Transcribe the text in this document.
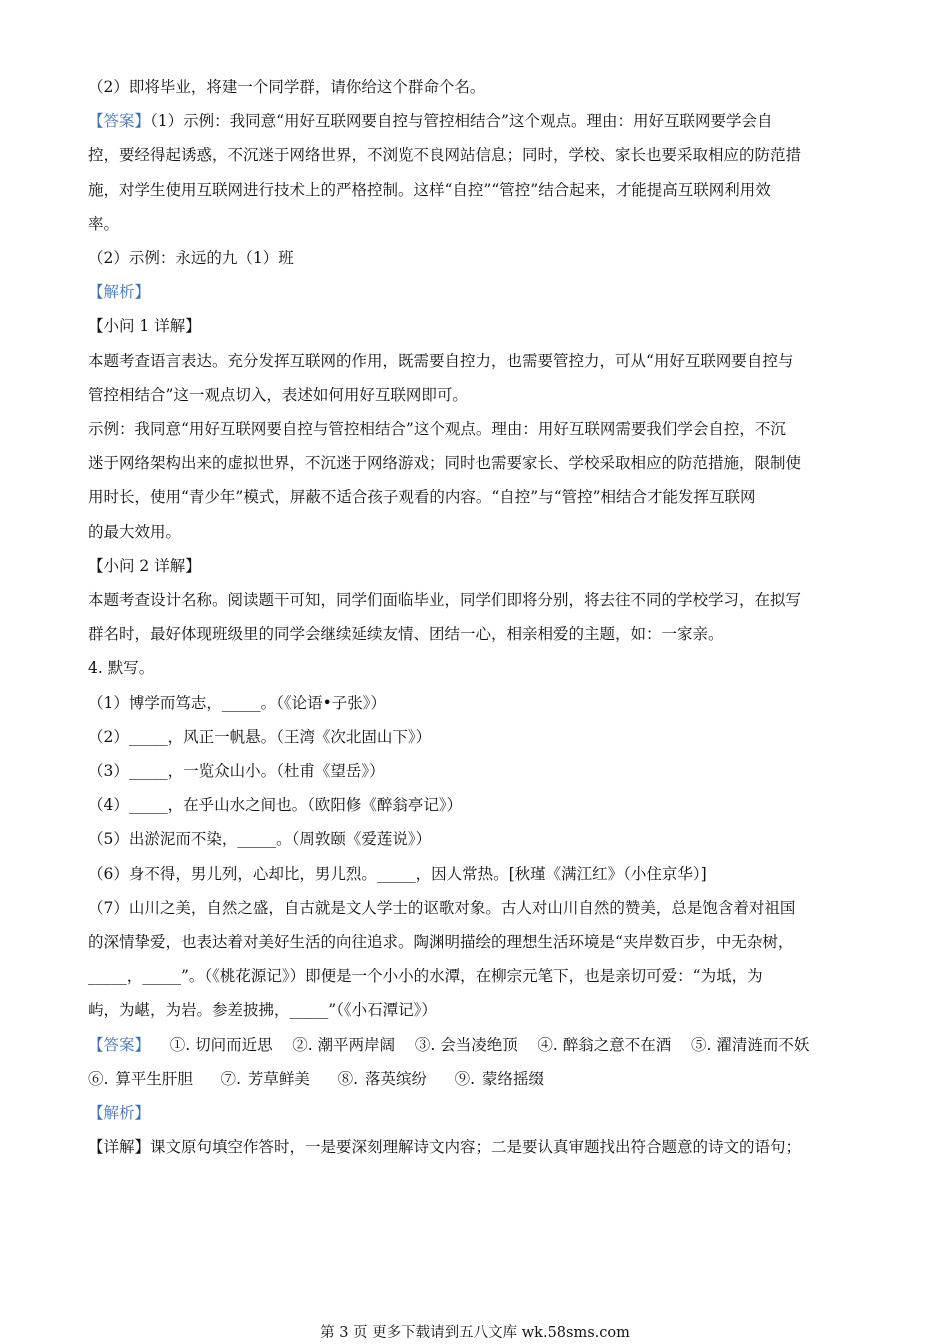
（2）即将毕业，将建一个同学群，请你给这个群命个名。
【答案】（1）示例：我同意“用好互联网要自控与管控相结合”这个观点。理由：用好互联网要学会自
控，要经得起诱惑，不沉迷于网络世界，不浏览不良网站信息；同时，学校、家长也要采取相应的防范措
施，对学生使用互联网进行技术上的严格控制。这样“自控”“管控”结合起来，才能提高互联网利用效
率。
（2）示例：永远的九（1）班
【解析】
【小问 1 详解】
本题考查语言表达。充分发挥互联网的作用，既需要自控力，也需要管控力，可从“用好互联网要自控与
管控相结合”这一观点切入，表述如何用好互联网即可。
示例：我同意“用好互联网要自控与管控相结合”这个观点。理由：用好互联网需要我们学会自控，不沉
迷于网络架构出来的虚拟世界，不沉迷于网络游戏；同时也需要家长、学校采取相应的防范措施，限制使
用时长，使用“青少年”模式，屏蔽不适合孩子观看的内容。“自控”与“管控”相结合才能发挥互联网
的最大效用。
【小问 2 详解】
本题考查设计名称。阅读题干可知，同学们面临毕业，同学们即将分别，将去往不同的学校学习，在拟写
群名时，最好体现班级里的同学会继续延续友情、团结一心，相亲相爱的主题，如：一家亲。
4. 默写。
（1）博学而笃志，_____。（《论语•子张》）
（2）_____，风正一帆悬。（王湾《次北固山下》）
（3）_____，一览众山小。（杜甫《望岳》）
（4）_____，在乎山水之间也。（欧阳修《醉翁亭记》）
（5）出淤泥而不染，_____。（周敦颐《爱莲说》）
（6）身不得，男儿列，心却比，男儿烈。_____，因人常热。[秋瑾《满江红》（小住京华）]
（7）山川之美，自然之盛，自古就是文人学士的讴歌对象。古人对山川自然的赞美，总是饱含着对祖国
的深情挚爱，也表达着对美好生活的向往追求。陶渊明描绘的理想生活环境是“夹岸数百步，中无杂树，
_____，_____”。（《桃花源记》）即便是一个小小的水潭，在柳宗元笔下，也是亲切可爱：“为坻，为
屿，为嵁，为岩。参差披拂，_____”（《小石潭记》）
【答案】    ①. 切问而近思    ②. 潮平两岸阔    ③. 会当凌绝顶    ④. 醉翁之意不在酒    ⑤. 濯清涟而不妖
⑥. 算平生肝胆    ⑦. 芳草鲜美    ⑧. 落英缤纷    ⑨. 蒙络摇缀
【解析】
【详解】课文原句填空作答时，一是要深刻理解诗文内容；二是要认真审题找出符合题意的诗文的语句；
第 3 页 更多下载请到五八文库 wk.58sms.com
